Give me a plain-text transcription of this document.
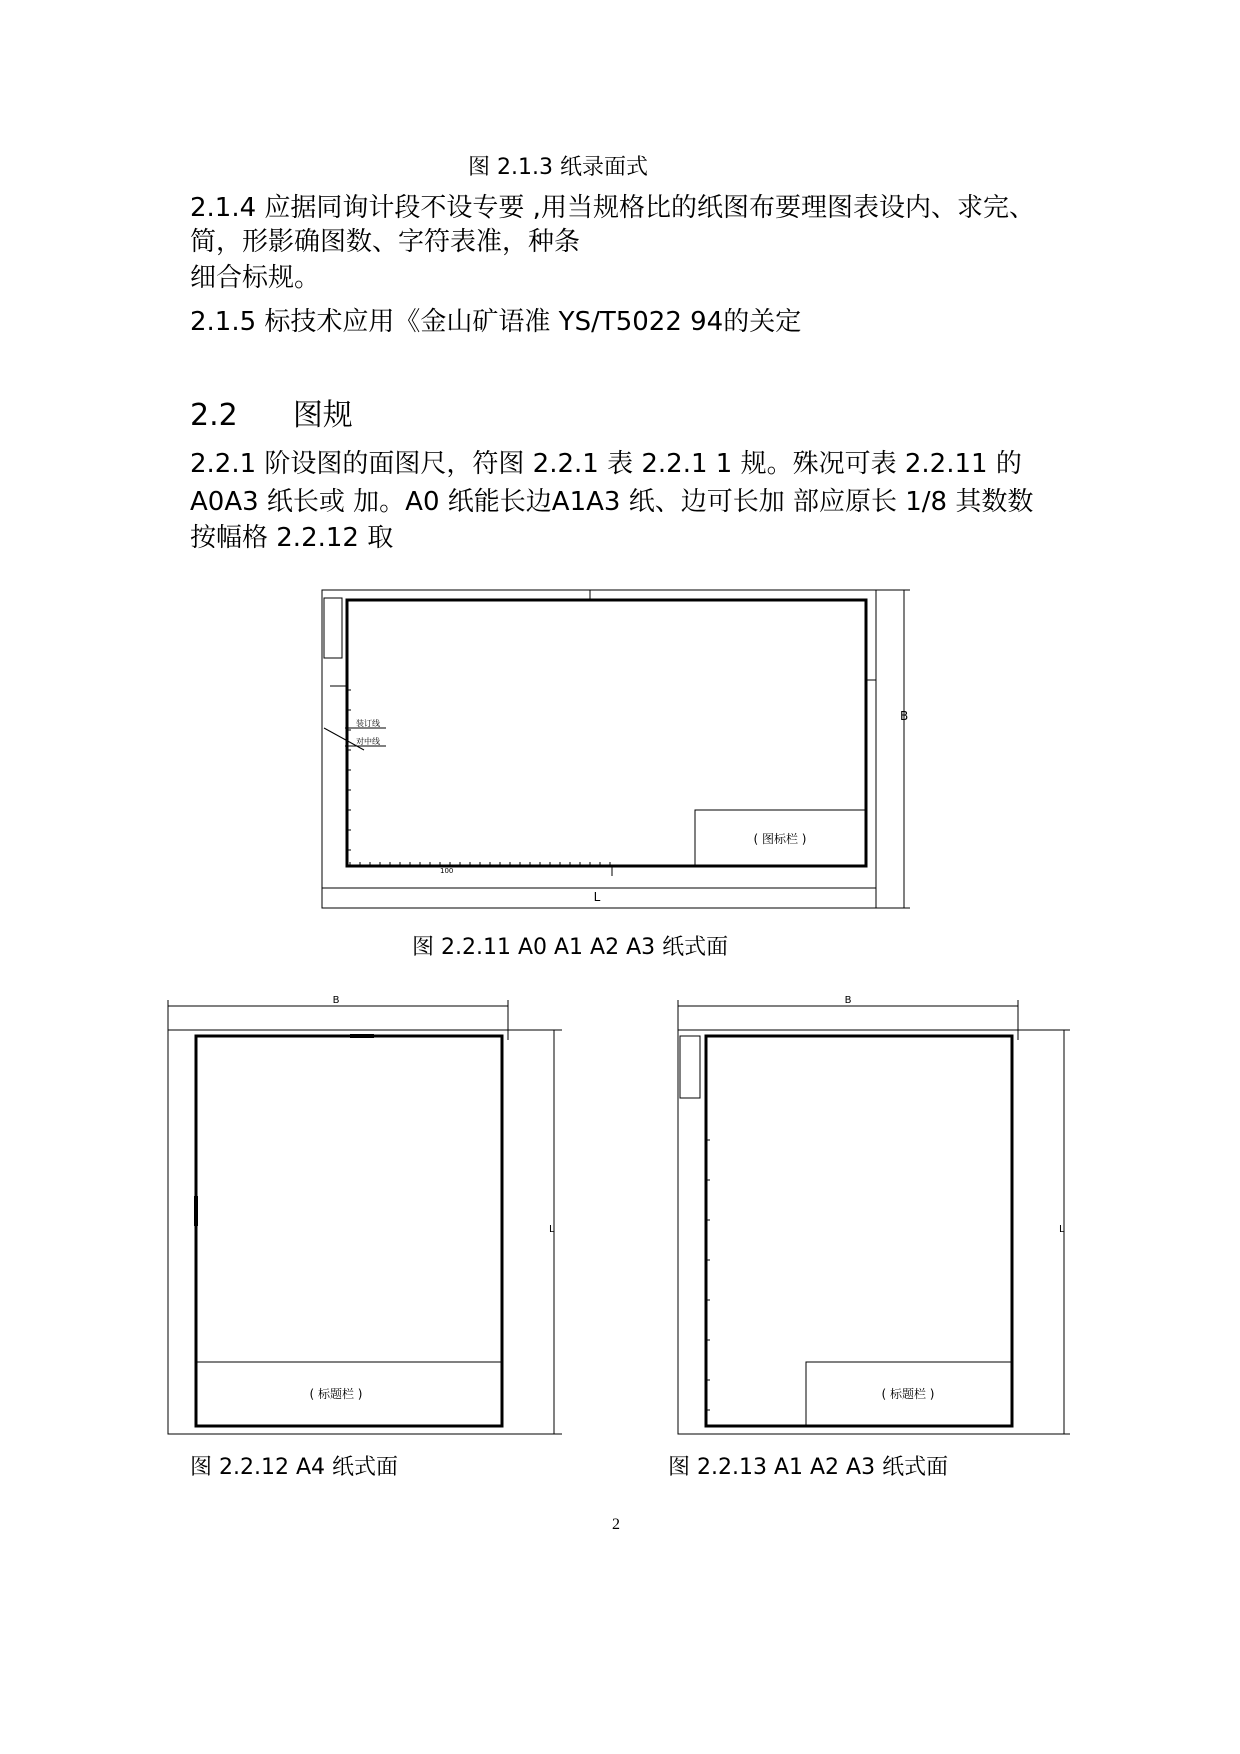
图 2.1.3 纸录面式
2.1.4 应据同询计段不设专要 ,用当规格比的纸图布要理图表设内、求完、
简，形影确图数、字符表准，种条
细合标规。
2.1.5 标技术应用《金山矿语准 YS/T5022 94的关定
2.2 图规
2.2.1 阶设图的面图尺，符图 2.2.1 表 2.2.1 1 规。殊况可表 2.2.11 的
A0A3 纸长或 加。A0 纸能长边A1A3 纸、边可长加 部应原长 1/8 其数数
按幅格 2.2.12 取
装订线
对中线
( 图标栏 )
L
B
100
图 2.2.11 A0 A1 A2 A3 纸式面
B
( 标题栏 )
L
图 2.2.12 A4 纸式面
B
( 标题栏 )
L
图 2.2.13 A1 A2 A3 纸式面
2
